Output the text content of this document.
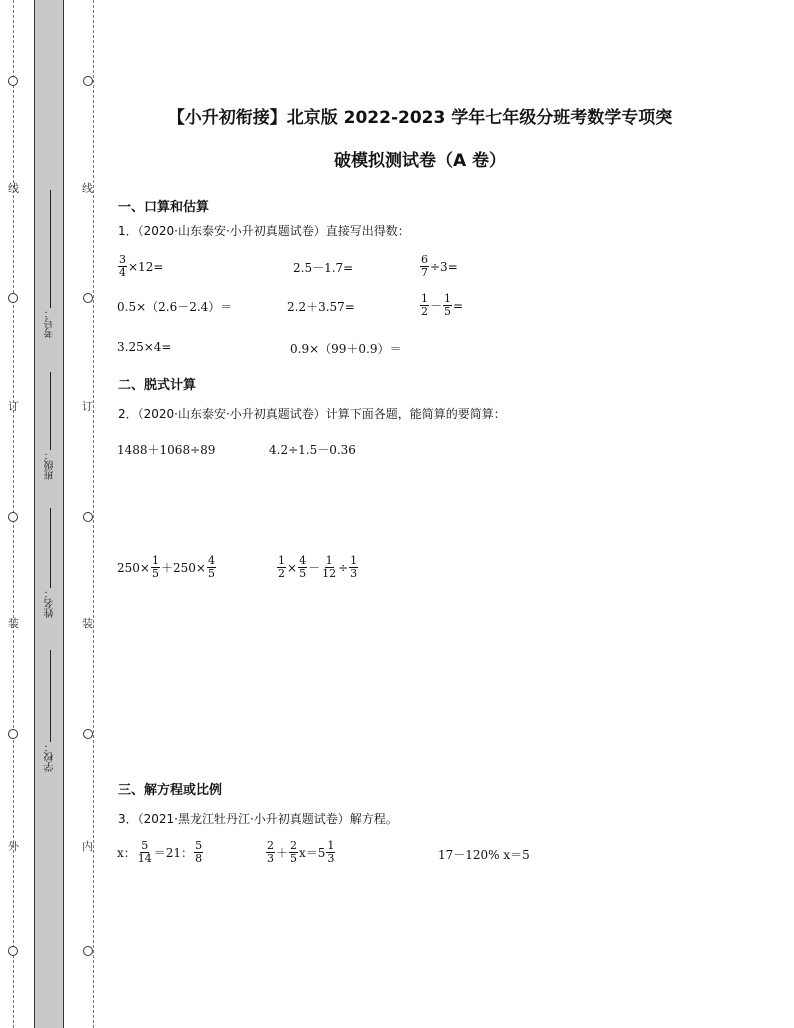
线
订
装
外
线
订
装
内
考号：
班级：
姓名：
学校：
【小升初衔接】北京版 2022-2023 学年七年级分班考数学专项突
破模拟测试卷（A 卷）
一、口算和估算
1．（2020·山东泰安·小升初真题试卷）直接写出得数：
$\frac{3}{4} \times 12=$	2.5－1.7=	$\frac{6}{7} \div 3=$
0.5×（2.6－2.4）＝	2.2＋3.57=	$\frac{1}{2} - \frac{1}{5}$ =
3.25×4=	0.9×（99＋0.9）＝
二、脱式计算
2．（2020·山东泰安·小升初真题试卷）计算下面各题，能简算的要简算：
1488＋1068÷89	4.2÷1.5－0.36
$250\times \frac{1}{5} +250\times \frac{4}{5}$	$\frac{1}{2} \times \frac{4}{5} - \frac{1}{12} \div \frac{1}{3}$
三、解方程或比例
3．（2021·黑龙江牡丹江·小升初真题试卷）解方程。
x： $\frac{5}{14} =21$： $\frac{5}{8}$	$\frac{2}{3} + \frac{2}{5} x=5 \frac{1}{3}$	17－120% x＝5
